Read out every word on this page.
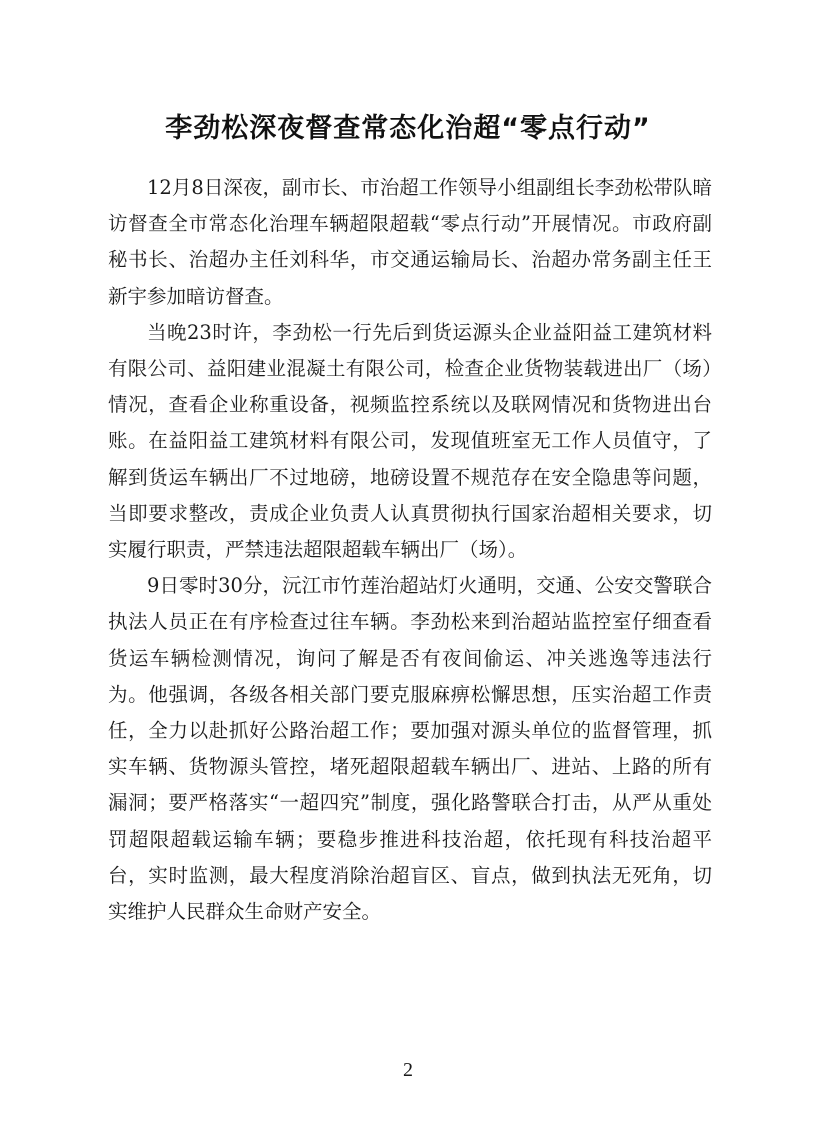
李劲松深夜督查常态化治超“零点行动”

12月8日深夜，副市长、市治超工作领导小组副组长李劲松带队暗访督查全市常态化治理车辆超限超载“零点行动”开展情况。市政府副秘书长、治超办主任刘科华，市交通运输局长、治超办常务副主任王新宇参加暗访督查。

当晚23时许，李劲松一行先后到货运源头企业益阳益工建筑材料有限公司、益阳建业混凝土有限公司，检查企业货物装载进出厂（场）情况，查看企业称重设备，视频监控系统以及联网情况和货物进出台账。在益阳益工建筑材料有限公司，发现值班室无工作人员值守，了解到货运车辆出厂不过地磅，地磅设置不规范存在安全隐患等问题，当即要求整改，责成企业负责人认真贯彻执行国家治超相关要求，切实履行职责，严禁违法超限超载车辆出厂（场）。

9日零时30分，沅江市竹莲治超站灯火通明，交通、公安交警联合执法人员正在有序检查过往车辆。李劲松来到治超站监控室仔细查看货运车辆检测情况，询问了解是否有夜间偷运、冲关逃逸等违法行为。他强调，各级各相关部门要克服麻痹松懈思想，压实治超工作责任，全力以赴抓好公路治超工作；要加强对源头单位的监督管理，抓实车辆、货物源头管控，堵死超限超载车辆出厂、进站、上路的所有漏洞；要严格落实“一超四究”制度，强化路警联合打击，从严从重处罚超限超载运输车辆；要稳步推进科技治超，依托现有科技治超平台，实时监测，最大程度消除治超盲区、盲点，做到执法无死角，切实维护人民群众生命财产安全。

2
